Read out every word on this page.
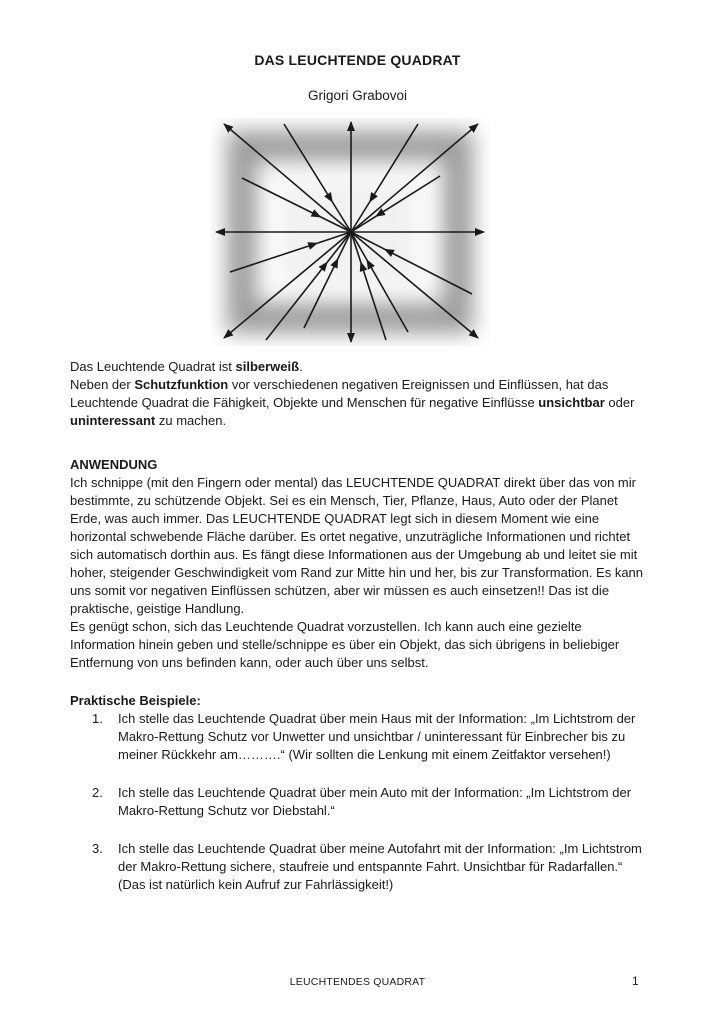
DAS LEUCHTENDE QUADRAT
Grigori Grabovoi

Das Leuchtende Quadrat ist silberweiß.

Neben der Schutzfunktion vor verschiedenen negativen Ereignissen und Einflüssen, hat das Leuchtende Quadrat die Fähigkeit, Objekte und Menschen für negative Einflüsse unsichtbar oder uninteressant zu machen.

ANWENDUNG

Ich schnippe (mit den Fingern oder mental) das LEUCHTENDE QUADRAT direkt über das von mir bestimmte, zu schützende Objekt. Sei es ein Mensch, Tier, Pflanze, Haus, Auto oder der Planet Erde, was auch immer. Das LEUCHTENDE QUADRAT legt sich in diesem Moment wie eine horizontal schwebende Fläche darüber. Es ortet negative, unzuträgliche Informationen und richtet sich automatisch dorthin aus. Es fängt diese Informationen aus der Umgebung ab und leitet sie mit hoher, steigender Geschwindigkeit vom Rand zur Mitte hin und her, bis zur Transformation. Es kann uns somit vor negativen Einflüssen schützen, aber wir müssen es auch einsetzen!! Das ist die praktische, geistige Handlung.

Es genügt schon, sich das Leuchtende Quadrat vorzustellen. Ich kann auch eine gezielte Information hinein geben und stelle/schnippe es über ein Objekt, das sich übrigens in beliebiger Entfernung von uns befinden kann, oder auch über uns selbst.

Praktische Beispiele:

1. Ich stelle das Leuchtende Quadrat über mein Haus mit der Information: „Im Lichtstrom der Makro-Rettung Schutz vor Unwetter und unsichtbar / uninteressant für Einbrecher bis zu meiner Rückkehr am……….“ (Wir sollten die Lenkung mit einem Zeitfaktor versehen!)
2. Ich stelle das Leuchtende Quadrat über mein Auto mit der Information: „Im Lichtstrom der Makro-Rettung Schutz vor Diebstahl.“
3. Ich stelle das Leuchtende Quadrat über meine Autofahrt mit der Information: „Im Lichtstrom der Makro-Rettung sichere, staufreie und entspannte Fahrt. Unsichtbar für Radarfallen.“ (Das ist natürlich kein Aufruf zur Fahrlässigkeit!)
LEUCHTENDES QUADRAT	1
